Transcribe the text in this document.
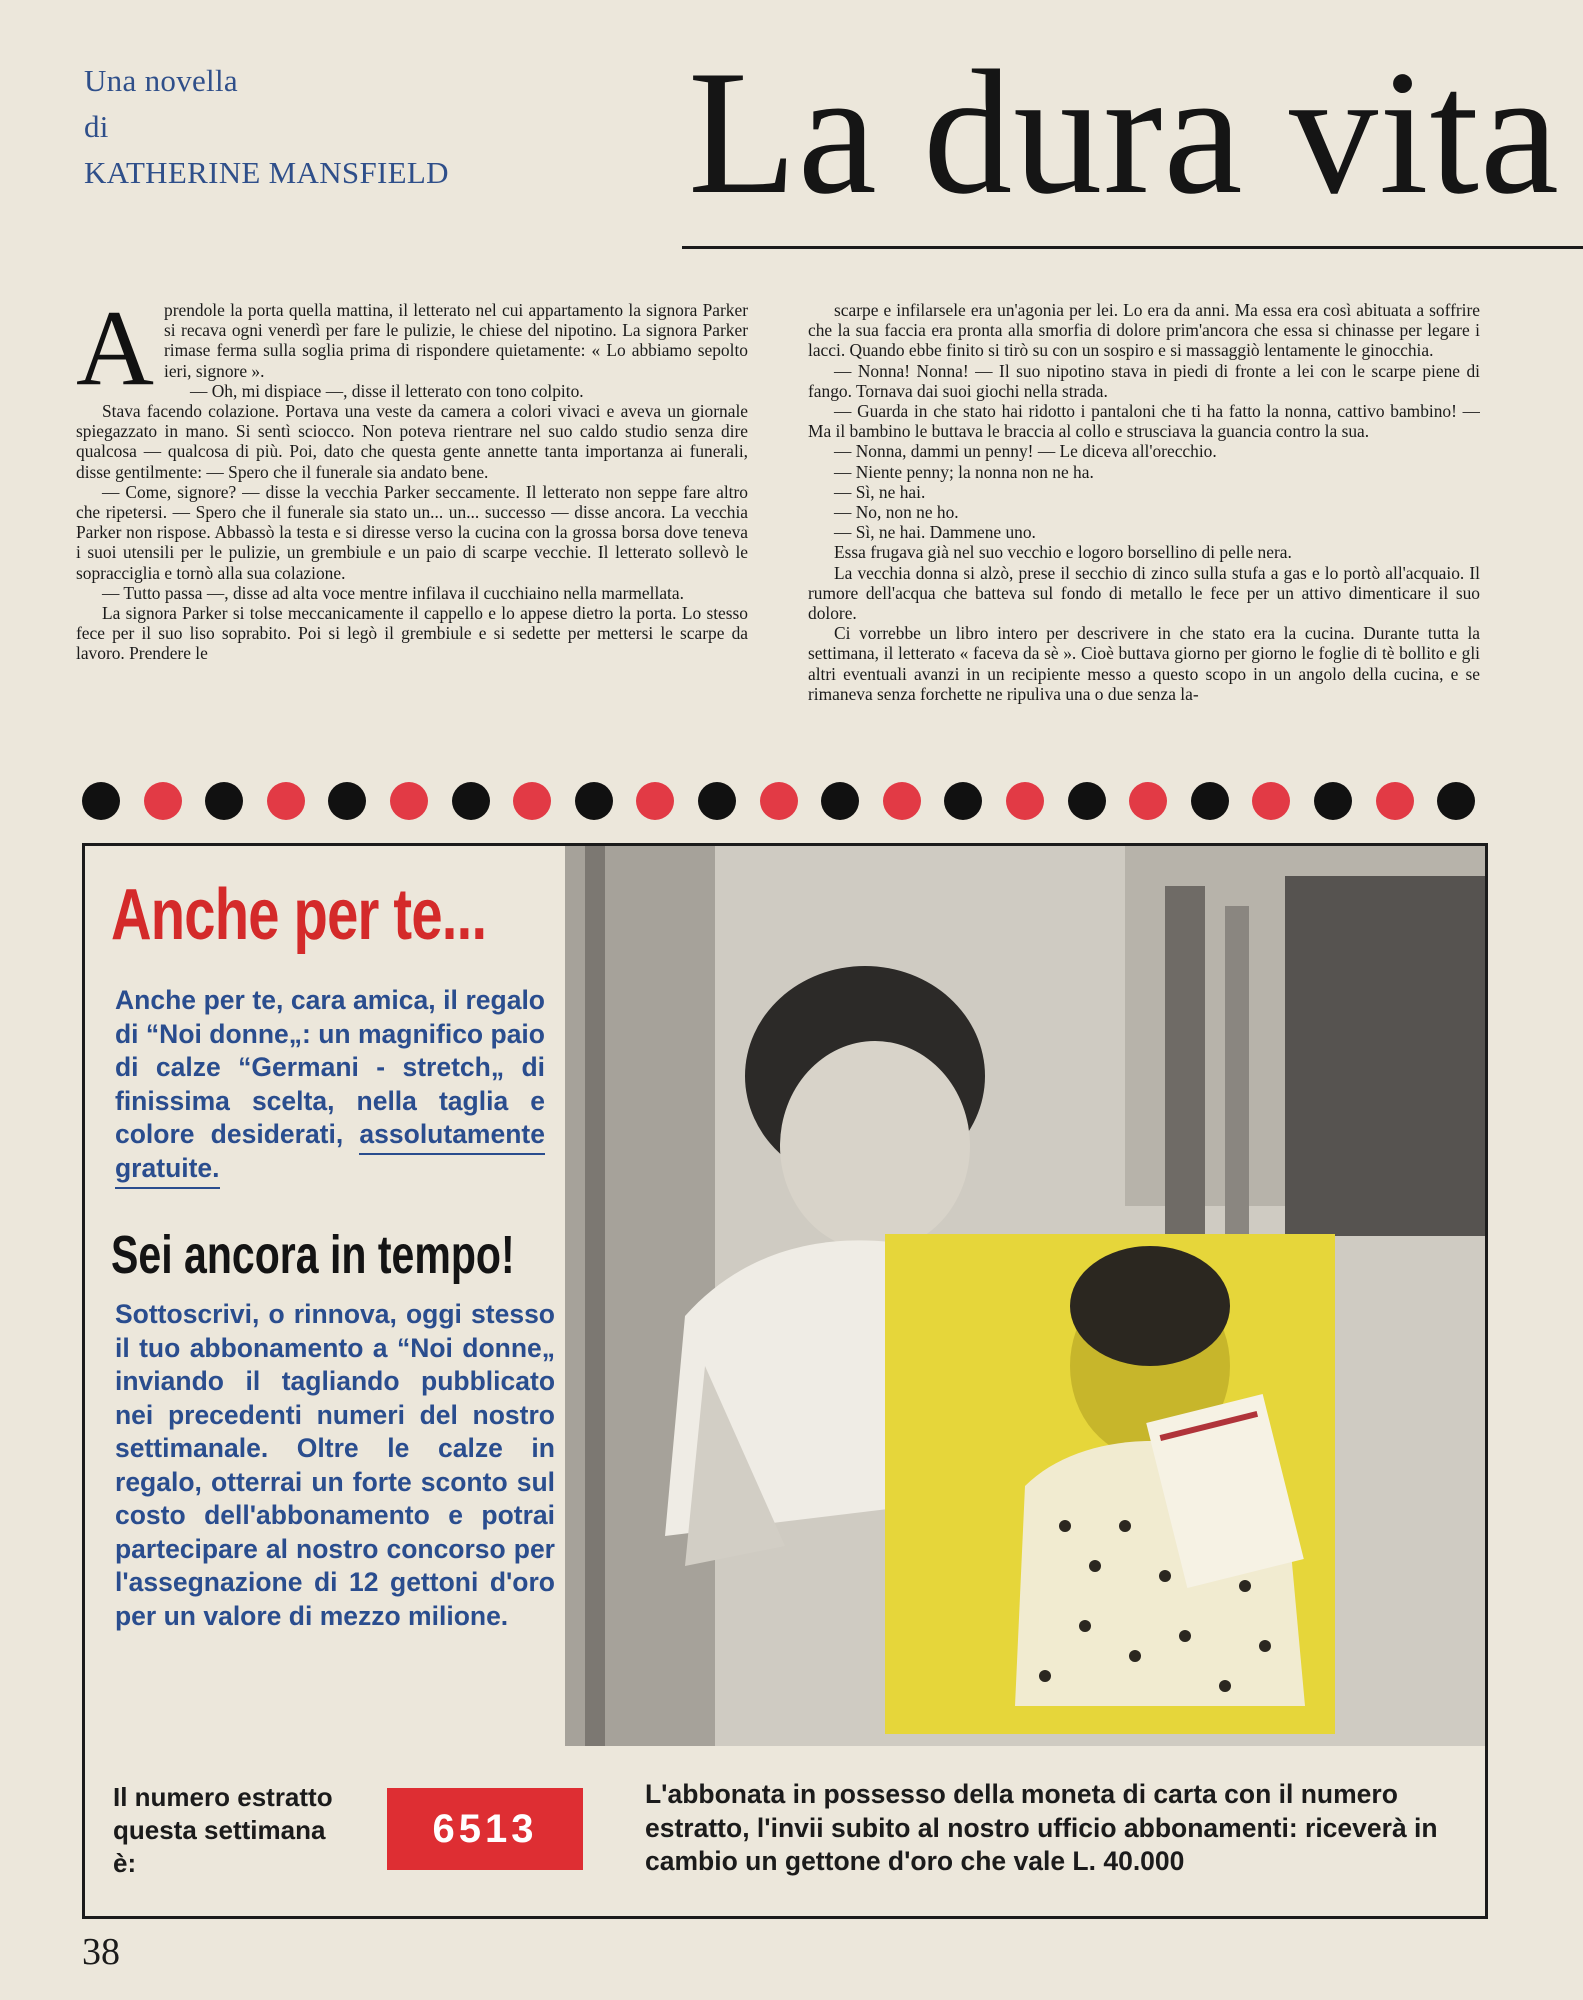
Una novella
di
KATHERINE MANSFIELD	La dura vita
A prendole la porta quella mattina, il letterato nel cui appartamento la signora Parker si recava ogni venerdì per fare le pulizie, le chiese del nipotino. La signora Parker rimase ferma sulla soglia prima di rispondere quietamente: « Lo abbiamo sepolto ieri, signore ».

— Oh, mi dispiace —, disse il letterato con tono colpito.

Stava facendo colazione. Portava una veste da camera a colori vivaci e aveva un giornale spiegazzato in mano. Si sentì sciocco. Non poteva rientrare nel suo caldo studio senza dire qualcosa — qualcosa di più. Poi, dato che questa gente annette tanta importanza ai funerali, disse gentilmente: — Spero che il funerale sia andato bene.

— Come, signore? — disse la vecchia Parker seccamente. Il letterato non seppe fare altro che ripetersi. — Spero che il funerale sia stato un... un... successo — disse ancora. La vecchia Parker non rispose. Abbassò la testa e si diresse verso la cucina con la grossa borsa dove teneva i suoi utensili per le pulizie, un grembiule e un paio di scarpe vecchie. Il letterato sollevò le sopracciglia e tornò alla sua colazione.

— Tutto passa —, disse ad alta voce mentre infilava il cucchiaino nella marmellata.

La signora Parker si tolse meccanicamente il cappello e lo appese dietro la porta. Lo stesso fece per il suo liso soprabito. Poi si legò il grembiule e si sedette per mettersi le scarpe da lavoro. Prendere le

scarpe e infilarsele era un'agonia per lei. Lo era da anni. Ma essa era così abituata a soffrire che la sua faccia era pronta alla smorfia di dolore prim'ancora che essa si chinasse per legare i lacci. Quando ebbe finito si tirò su con un sospiro e si massaggiò lentamente le ginocchia.

— Nonna! Nonna! — Il suo nipotino stava in piedi di fronte a lei con le scarpe piene di fango. Tornava dai suoi giochi nella strada.

— Guarda in che stato hai ridotto i pantaloni che ti ha fatto la nonna, cattivo bambino! — Ma il bambino le buttava le braccia al collo e strusciava la guancia contro la sua.

— Nonna, dammi un penny! — Le diceva all'orecchio.

— Niente penny; la nonna non ne ha.

— Sì, ne hai.

— No, non ne ho.

— Sì, ne hai. Dammene uno.

Essa frugava già nel suo vecchio e logoro borsellino di pelle nera.

La vecchia donna si alzò, prese il secchio di zinco sulla stufa a gas e lo portò all'acquaio. Il rumore dell'acqua che batteva sul fondo di metallo le fece per un attivo dimenticare il suo dolore.

Ci vorrebbe un libro intero per descrivere in che stato era la cucina. Durante tutta la settimana, il letterato « faceva da sè ». Cioè buttava giorno per giorno le foglie di tè bollito e gli altri eventuali avanzi in un recipiente messo a questo scopo in un angolo della cucina, e se rimaneva senza forchette ne ripuliva una o due senza la-

Anche per te...
Anche per te, cara amica, il regalo di “Noi donne„: un magnifico paio di calze “Germani - stretch„ di finissima scelta, nella taglia e colore desiderati, assolutamente gratuite.
Sei ancora in tempo!
Sottoscrivi, o rinnova, oggi stesso il tuo abbonamento a “Noi donne„ inviando il tagliando pubblicato nei precedenti numeri del nostro settimanale. Oltre le calze in regalo, otterrai un forte sconto sul costo dell'abbonamento e potrai partecipare al nostro concorso per l'assegnazione di 12 gettoni d'oro per un valore di mezzo milione.
Il numero estratto questa settimana è:
6513
L'abbonata in possesso della moneta di carta con il numero estratto, l'invii subito al nostro ufficio abbonamenti: riceverà in cambio un gettone d'oro che vale L. 40.000
38
